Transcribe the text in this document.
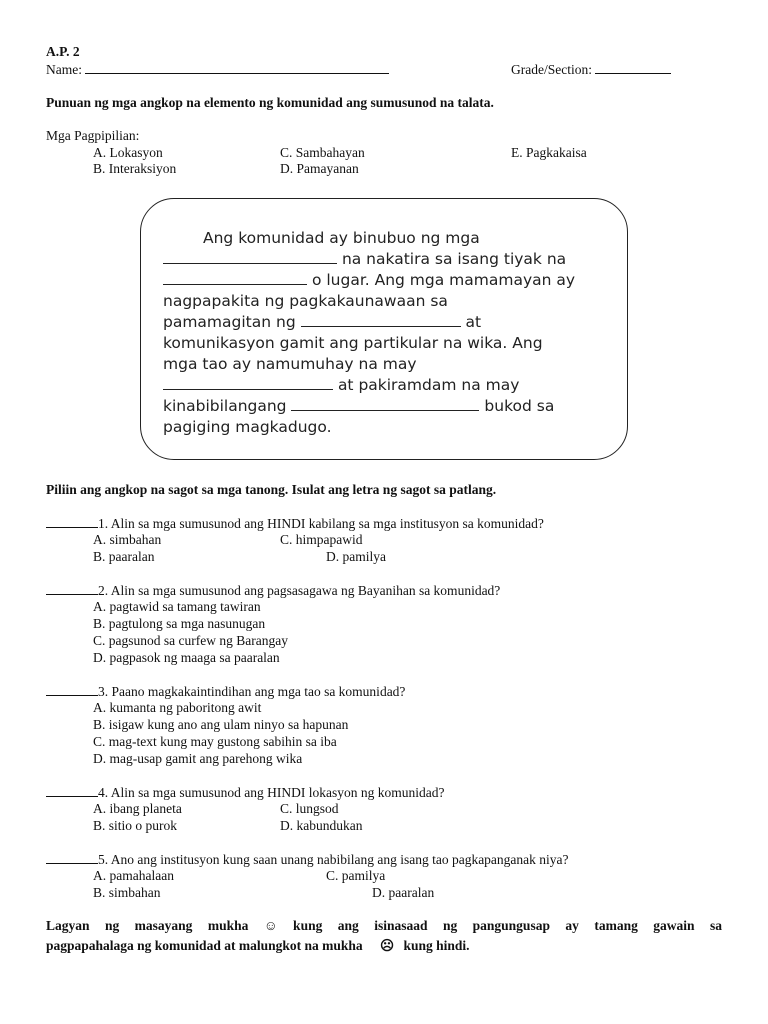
A.P. 2
Name:	Grade/Section:
Punuan ng mga angkop na elemento ng komunidad ang sumusunod na talata.
Mga Pagpipilian:
A. Lokasyon
B. Interaksiyon
C. Sambahayan
D. Pamayanan
E. Pagkakaisa
Ang komunidad ay binubuo ng mga
na nakatira sa isang tiyak na
o lugar. Ang mga mamamayan ay
nagpapakita ng pagkakaunawaan sa
pamamagitan ng	at
komunikasyon gamit ang partikular na wika. Ang
mga tao ay namumuhay na may
at pakiramdam na may
kinabibilangang	bukod sa
pagiging magkadugo.
Piliin ang angkop na sagot sa mga tanong. Isulat ang letra ng sagot sa patlang.
1. Alin sa mga sumusunod ang HINDI kabilang sa mga institusyon sa komunidad?
A. simbahan	C. himpapawid
B. paaralan	D. pamilya
2. Alin sa mga sumusunod ang pagsasagawa ng Bayanihan sa komunidad?
A. pagtawid sa tamang tawiran
B. pagtulong sa mga nasunugan
C. pagsunod sa curfew ng Barangay
D. pagpasok ng maaga sa paaralan
3. Paano magkakaintindihan ang mga tao sa komunidad?
A. kumanta ng paboritong awit
B. isigaw kung ano ang ulam ninyo sa hapunan
C. mag-text kung may gustong sabihin sa iba
D. mag-usap gamit ang parehong wika
4. Alin sa mga sumusunod ang HINDI lokasyon ng komunidad?
A. ibang planeta	C. lungsod
B. sitio o purok	D. kabundukan
5. Ano ang institusyon kung saan unang nabibilang ang isang tao pagkapanganak niya?
A. pamahalaan	C. pamilya
B. simbahan	D. paaralan
Lagyan ng masayang mukha ☺ kung ang isinasaad ng pangungusap ay tamang gawain sa
pagpapahalaga ng komunidad at malungkot na mukha ☹ kung hindi.
